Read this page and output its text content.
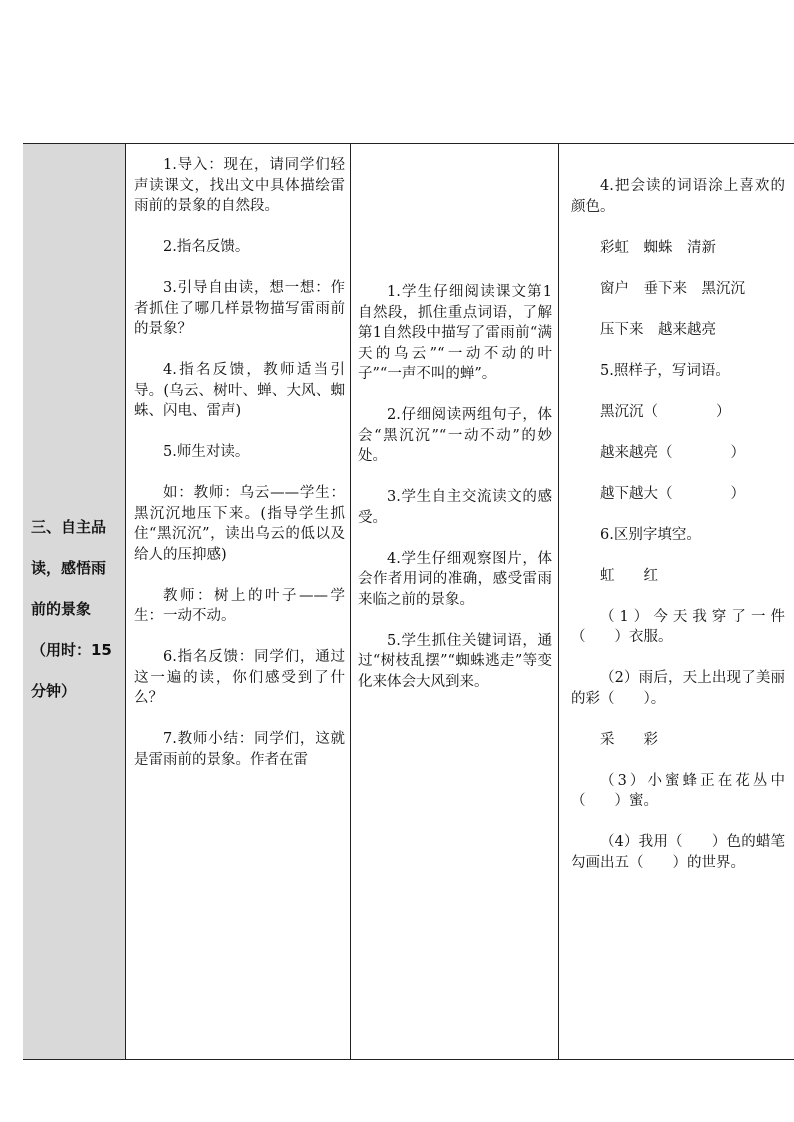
三、自主品

读，感悟雨

前的景象

（用时：15

分钟）

1.导入：现在，请同学们轻声读课文，找出文中具体描绘雷雨前的景象的自然段。

2.指名反馈。

3.引导自由读，想一想：作者抓住了哪几样景物描写雷雨前的景象？

4.指名反馈，教师适当引导。(乌云、树叶、蝉、大风、蜘蛛、闪电、雷声)

5.师生对读。

如：教师：乌云——学生：黑沉沉地压下来。(指导学生抓住“黑沉沉”，读出乌云的低以及给人的压抑感)

教师：树上的叶子——学生：一动不动。

6.指名反馈：同学们，通过这一遍的读，你们感受到了什么？

7.教师小结：同学们，这就是雷雨前的景象。作者在雷

1.学生仔细阅读课文第1自然段，抓住重点词语，了解第1自然段中描写了雷雨前“满天的乌云”“一动不动的叶子”“一声不叫的蝉”。

2.仔细阅读两组句子，体会“黑沉沉”“一动不动”的妙处。

3.学生自主交流读文的感受。

4.学生仔细观察图片，体会作者用词的准确，感受雷雨来临之前的景象。

5.学生抓住关键词语，通过“树枝乱摆”“蜘蛛逃走”等变化来体会大风到来。

4.把会读的词语涂上喜欢的颜色。

彩虹　蜘蛛　清新

窗户　垂下来　黑沉沉

压下来　越来越亮

5.照样子，写词语。

黑沉沉（　　　　）

越来越亮（　　　　）

越下越大（　　　　）

6.区别字填空。

虹　　红

（1）今天我穿了一件（　　）衣服。

（2）雨后，天上出现了美丽的彩（　　）。

采　　彩

（3）小蜜蜂正在花丛中（　　）蜜。

（4）我用（　　）色的蜡笔勾画出五（　　）的世界。
